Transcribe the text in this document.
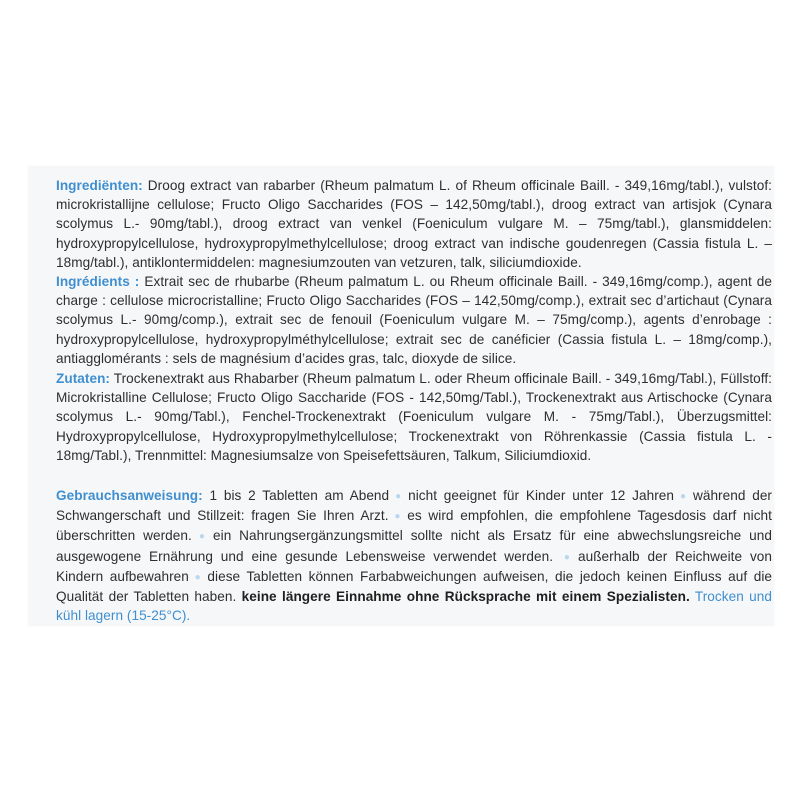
Ingrediënten: Droog extract van rabarber (Rheum palmatum L. of Rheum officinale Baill. - 349,16mg/tabl.), vulstof: microkristallijne cellulose; Fructo Oligo Saccharides (FOS – 142,50mg/tabl.), droog extract van artisjok (Cynara scolymus L.- 90mg/tabl.), droog extract van venkel (Foeniculum vulgare M. – 75mg/tabl.), glansmiddelen: hydroxypropylcellulose, hydroxypropylmethylcellulose; droog extract van indische goudenregen (Cassia fistula L. – 18mg/tabl.), antiklontermiddelen: magnesiumzouten van vetzuren, talk, siliciumdioxide.
Ingrédients : Extrait sec de rhubarbe (Rheum palmatum L. ou Rheum officinale Baill. - 349,16mg/comp.), agent de charge : cellulose microcristalline; Fructo Oligo Saccharides (FOS – 142,50mg/comp.), extrait sec d’artichaut (Cynara scolymus L.- 90mg/comp.), extrait sec de fenouil (Foeniculum vulgare M. – 75mg/comp.), agents d’enrobage : hydroxypropylcellulose, hydroxypropylméthylcellulose; extrait sec de canéficier (Cassia fistula L. – 18mg/comp.), antiagglomérants : sels de magnésium d’acides gras, talc, dioxyde de silice.
Zutaten: Trockenextrakt aus Rhabarber (Rheum palmatum L. oder Rheum officinale Baill. - 349,16mg/Tabl.), Füllstoff: Microkristalline Cellulose; Fructo Oligo Saccharide (FOS - 142,50mg/Tabl.), Trockenextrakt aus Artischocke (Cynara scolymus L.- 90mg/Tabl.), Fenchel-Trockenextrakt (Foeniculum vulgare M. - 75mg/Tabl.), Überzugsmittel: Hydroxypropylcellulose, Hydroxypropylmethylcellulose; Trockenextrakt von Röhrenkassie (Cassia fistula L. - 18mg/Tabl.), Trennmittel: Magnesiumsalze von Speisefettsäuren, Talkum, Siliciumdioxid.
Gebrauchsanweisung: 1 bis 2 Tabletten am Abend ● nicht geeignet für Kinder unter 12 Jahren ● während der Schwangerschaft und Stillzeit: fragen Sie Ihren Arzt. ● es wird empfohlen, die empfohlene Tagesdosis darf nicht überschritten werden. ● ein Nahrungsergänzungsmittel sollte nicht als Ersatz für eine abwechslungsreiche und ausgewogene Ernährung und eine gesunde Lebensweise verwendet werden. ● außerhalb der Reichweite von Kindern aufbewahren ● diese Tabletten können Farbabweichungen aufweisen, die jedoch keinen Einfluss auf die Qualität der Tabletten haben. keine längere Einnahme ohne Rücksprache mit einem Spezialisten. Trocken und kühl lagern (15-25°C).
